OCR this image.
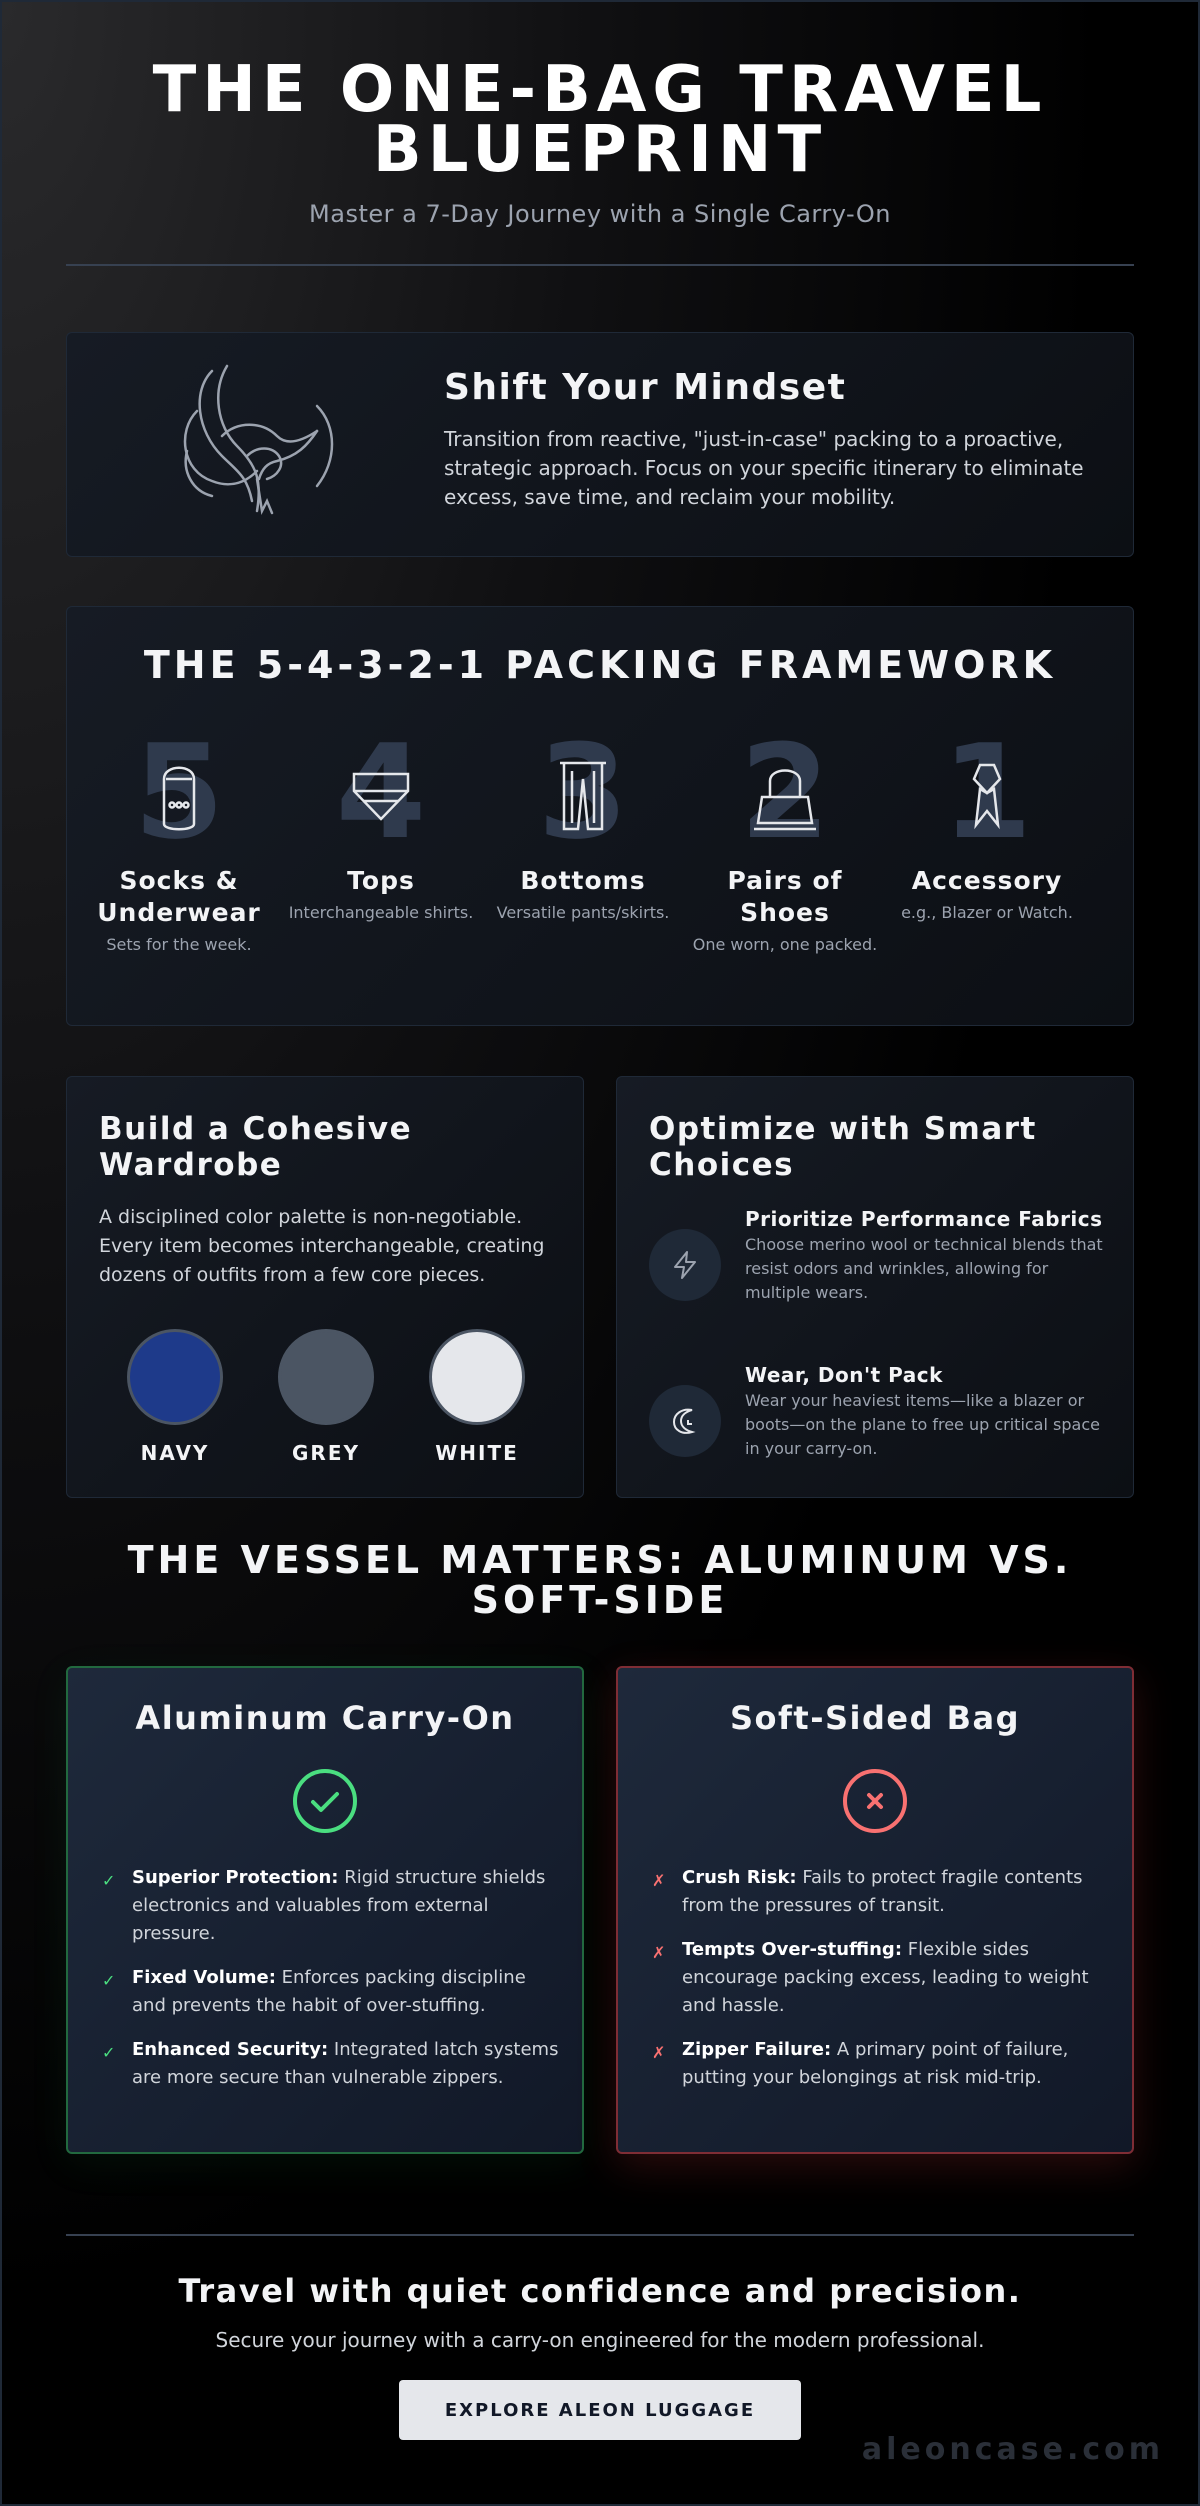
THE ONE-BAG TRAVEL BLUEPRINT

Master a 7-Day Journey with a Single Carry-On

Shift Your Mindset

Transition from reactive, "just-in-case" packing to a proactive, strategic approach. Focus on your specific itinerary to eliminate excess, save time, and reclaim your mobility.

THE 5-4-3-2-1 PACKING FRAMEWORK
5
Socks & Underwear
Sets for the week.
4
Tops
Interchangeable shirts.
3
Bottoms
Versatile pants/skirts.
2
Pairs of Shoes
One worn, one packed.
1
Accessory
e.g., Blazer or Watch.
Build a Cohesive Wardrobe

A disciplined color palette is non-negotiable. Every item becomes interchangeable, creating dozens of outfits from a few core pieces.

NAVY	GREY	WHITE
Optimize with Smart Choices
Prioritize Performance Fabrics

Choose merino wool or technical blends that resist odors and wrinkles, allowing for multiple wears.

Wear, Don't Pack

Wear your heaviest items—like a blazer or boots—on the plane to free up critical space in your carry-on.

THE VESSEL MATTERS: ALUMINUM VS. SOFT-SIDE
Aluminum Carry-On
✓ Superior Protection: Rigid structure shields electronics and valuables from external pressure.
✓ Fixed Volume: Enforces packing discipline and prevents the habit of over-stuffing.
✓ Enhanced Security: Integrated latch systems are more secure than vulnerable zippers.
Soft-Sided Bag
✗ Crush Risk: Fails to protect fragile contents from the pressures of transit.
✗ Tempts Over-stuffing: Flexible sides encourage packing excess, leading to weight and hassle.
✗ Zipper Failure: A primary point of failure, putting your belongings at risk mid-trip.
Travel with quiet confidence and precision.
Secure your journey with a carry-on engineered for the modern professional.
EXPLORE ALEON LUGGAGE
aleoncase.com
